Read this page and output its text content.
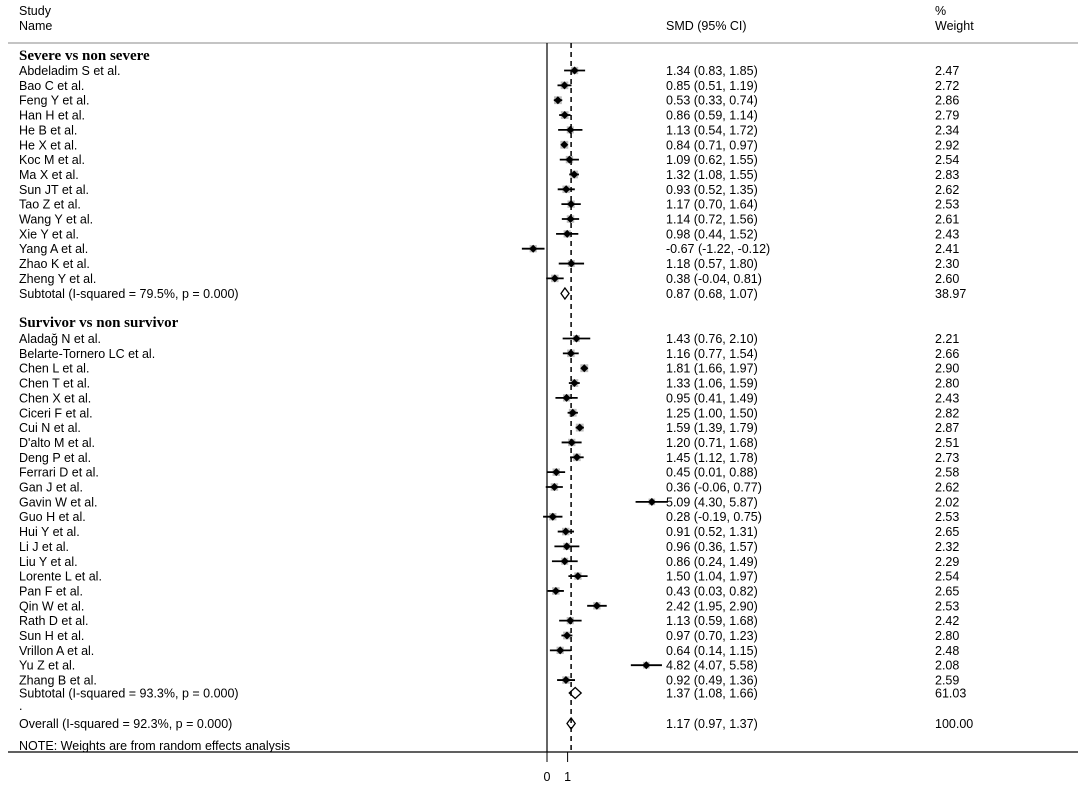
Study
Name	SMD (95% CI)
%
Weight
Severe vs non severe
Abdeladim S et al.	1.34 (0.83, 1.85)	2.47
Bao C et al.	0.85 (0.51, 1.19)	2.72
Feng Y et al.	0.53 (0.33, 0.74)	2.86
Han H et al.	0.86 (0.59, 1.14)	2.79
He B et al.	1.13 (0.54, 1.72)	2.34
He X et al.	0.84 (0.71, 0.97)	2.92
Koc M et al.	1.09 (0.62, 1.55)	2.54
Ma X et al.	1.32 (1.08, 1.55)	2.83
Sun JT et al.	0.93 (0.52, 1.35)	2.62
Tao Z et al.	1.17 (0.70, 1.64)	2.53
Wang Y et al.	1.14 (0.72, 1.56)	2.61
Xie Y et al.	0.98 (0.44, 1.52)	2.43
Yang A et al.	-0.67 (-1.22, -0.12)	2.41
Zhao K et al.	1.18 (0.57, 1.80)	2.30
Zheng Y et al.	0.38 (-0.04, 0.81)	2.60
Subtotal (I-squared = 79.5%, p = 0.000)	0.87 (0.68, 1.07)	38.97
Survivor vs non survivor
Aladağ N et al.	1.43 (0.76, 2.10)	2.21
Belarte-Tornero LC et al.	1.16 (0.77, 1.54)	2.66
Chen L et al.	1.81 (1.66, 1.97)	2.90
Chen T et al.	1.33 (1.06, 1.59)	2.80
Chen X et al.	0.95 (0.41, 1.49)	2.43
Ciceri F et al.	1.25 (1.00, 1.50)	2.82
Cui N et al.	1.59 (1.39, 1.79)	2.87
D'alto M et al.	1.20 (0.71, 1.68)	2.51
Deng P et al.	1.45 (1.12, 1.78)	2.73
Ferrari D et al.	0.45 (0.01, 0.88)	2.58
Gan J et al.	0.36 (-0.06, 0.77)	2.62
Gavin W et al.	5.09 (4.30, 5.87)	2.02
Guo H et al.	0.28 (-0.19, 0.75)	2.53
Hui Y et al.	0.91 (0.52, 1.31)	2.65
Li J et al.	0.96 (0.36, 1.57)	2.32
Liu Y et al.	0.86 (0.24, 1.49)	2.29
Lorente L et al.	1.50 (1.04, 1.97)	2.54
Pan F et al.	0.43 (0.03, 0.82)	2.65
Qin W et al.	2.42 (1.95, 2.90)	2.53
Rath D et al.	1.13 (0.59, 1.68)	2.42
Sun H et al.	0.97 (0.70, 1.23)	2.80
Vrillon A et al.	0.64 (0.14, 1.15)	2.48
Yu Z et al.	4.82 (4.07, 5.58)	2.08
Zhang B et al.	0.92 (0.49, 1.36)	2.59
Subtotal (I-squared = 93.3%, p = 0.000)	1.37 (1.08, 1.66)	61.03
.
Overall (I-squared = 92.3%, p = 0.000)	1.17 (0.97, 1.37)	100.00
NOTE: Weights are from random effects analysis
0 1
